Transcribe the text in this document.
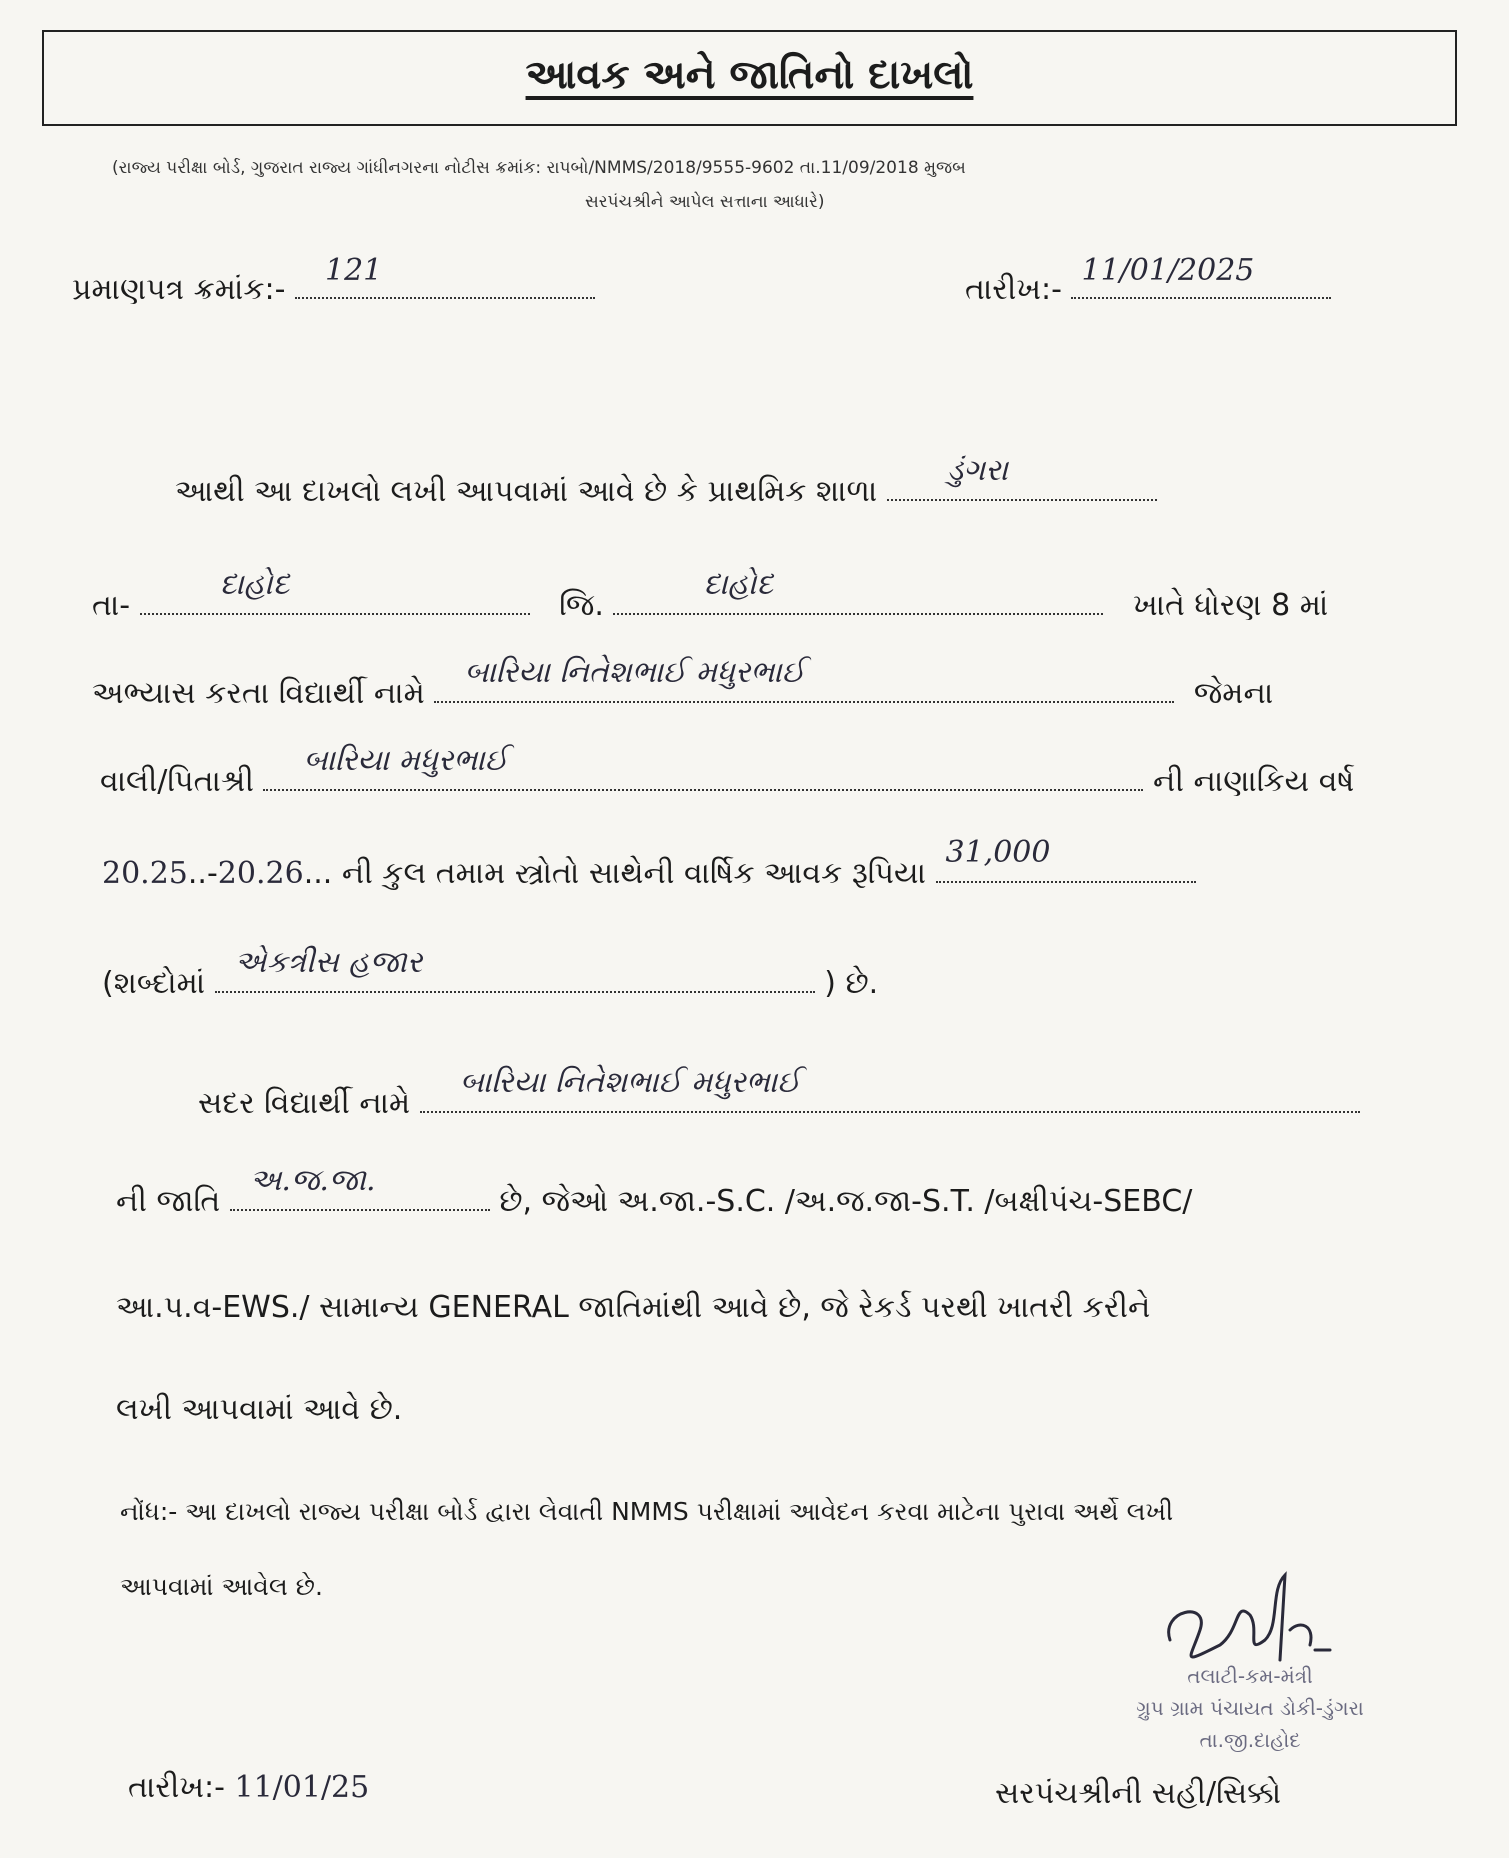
આવક અને જાતિનો દાખલો
(રાજ્ય પરીક્ષા બોર્ડ, ગુજરાત રાજ્ય ગાંધીનગરના નોટીસ ક્રમાંક: રાપબો/NMMS/2018/9555-9602 તા.11/09/2018 મુજબ
સરપંચશ્રીને આપેલ સત્તાના આધારે)
પ્રમાણપત્ર ક્રમાંક:-
121
તારીખ:-
11/01/2025
આથી આ દાખલો લખી આપવામાં આવે છે કે પ્રાથમિક શાળા
ડુંગરા
તા-
દાહોદ
જિ.
દાહોદ
ખાતે ધોરણ 8 માં
અભ્યાસ કરતા વિદ્યાર્થી નામે
બારિયા નિતેશભાઈ મધુરભાઈ
જેમના
વાલી/પિતાશ્રી
બારિયા મધુરભાઈ
ની નાણાકિય વર્ષ
20.25..-20.26... ની કુલ તમામ સ્ત્રોતો સાથેની વાર્ષિક આવક રૂપિયા
31,000
(શબ્દોમાં
એકત્રીસ હજાર
) છે.
સદર વિદ્યાર્થી નામે
બારિયા નિતેશભાઈ મધુરભાઈ
ની જાતિ
અ.જ.જા.
છે, જેઓ અ.જા.-S.C. /અ.જ.જા-S.T. /બક્ષીપંચ-SEBC/
આ.પ.વ-EWS./ સામાન્ય GENERAL જાતિમાંથી આવે છે, જે રેકર્ડ પરથી ખાતરી કરીને
લખી આપવામાં આવે છે.
નોંધ:- આ દાખલો રાજ્ય પરીક્ષા બોર્ડ દ્વારા લેવાતી NMMS પરીક્ષામાં આવેદન કરવા માટેના પુરાવા અર્થે લખી
આપવામાં આવેલ છે.
તલાટી-કમ-મંત્રી
ગ્રુપ ગ્રામ પંચાયત ડોકી-ડુંગરા
તા.જી.દાહોદ
તારીખ:- 11/01/25	સરપંચશ્રીની સહી/સિક્કો
